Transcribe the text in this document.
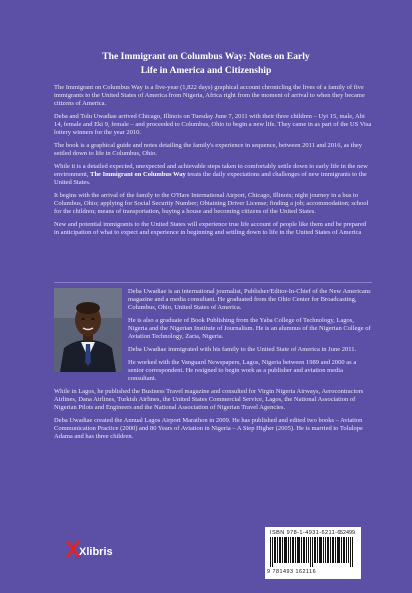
The Immigrant on Columbus Way: Notes on Early
Life in America and Citizenship

The Immigrant on Columbus Way is a five-year (1,822 days) graphical account chronicling the lives of a family of five immigrants to the United States of America from Nigeria, Africa right from the moment of arrival to when they became citizens of America.

Deba and Tolu Uwadiae arrived Chicago, Illinois on Tuesday June 7, 2011 with their three children – Uyi 15, male, Abi 14, female and Eki 9, female – and proceeded to Columbus, Ohio to begin a new life. They came in as part of the US Visa lottery winners for the year 2010.

The book is a graphical guide and notes detailing the family's experience in sequence, between 2011 and 2016, as they settled down to life in Columbus, Ohio.

While it is a detailed expected, unexpected and achievable steps taken to comfortably settle down to early life in the new environment, The Immigrant on Columbus Way treats the daily expectations and challenges of new immigrants to the United States.

It begins with the arrival of the family to the O'Hare International Airport, Chicago, Illinois; night journey in a bus to Columbus, Ohio; applying for Social Security Number; Obtaining Driver License; finding a job; accommodation; school for the children; means of transportation, buying a house and becoming citizens of the United States.

New and potential immigrants to the United States will experience true life account of people like them and be prepared in anticipation of what to expect and experience in beginning and settling down to life in the United States of America

Deba Uwadiae is an international journalist, Publisher/Editor-In-Chief of the New Americans magazine and a media consultant. He graduated from the Ohio Center for Broadcasting, Columbus, Ohio, United States of America.

He is also a graduate of Book Publishing from the Yaba College of Technology, Lagos, Nigeria and the Nigerian Institute of Journalism. He is an alumnus of the Nigerian College of Aviation Technology, Zaria, Nigeria.

Deba Uwadiae immigrated with his family to the United State of America in June 2011.

He worked with the Vanguard Newspapers, Lagos, Nigeria between 1989 and 2000 as a senior correspondent. He resigned to begin work as a publisher and aviation media consultant.

While in Lagos, he published the Business Travel magazine and consulted for Virgin Nigeria Airways, Aerocontractors Airlines, Dana Airlines, Turkish Airlines, the United States Commercial Service, Lagos, the National Association of Nigerian Pilots and Engineers and the National Association of Nigerian Travel Agencies.

Deba Uwadiae created the Annual Lagos Airport Marathon in 2009. He has published and edited two books – Aviation Communication Practice (2000) and 80 Years of Aviation in Nigeria – A Step Higher (2005). He is married to Tolulope Adama and has three children.

Xlibris
ISBN 978-1-4931-6211-6 52499
9 781493 162116
